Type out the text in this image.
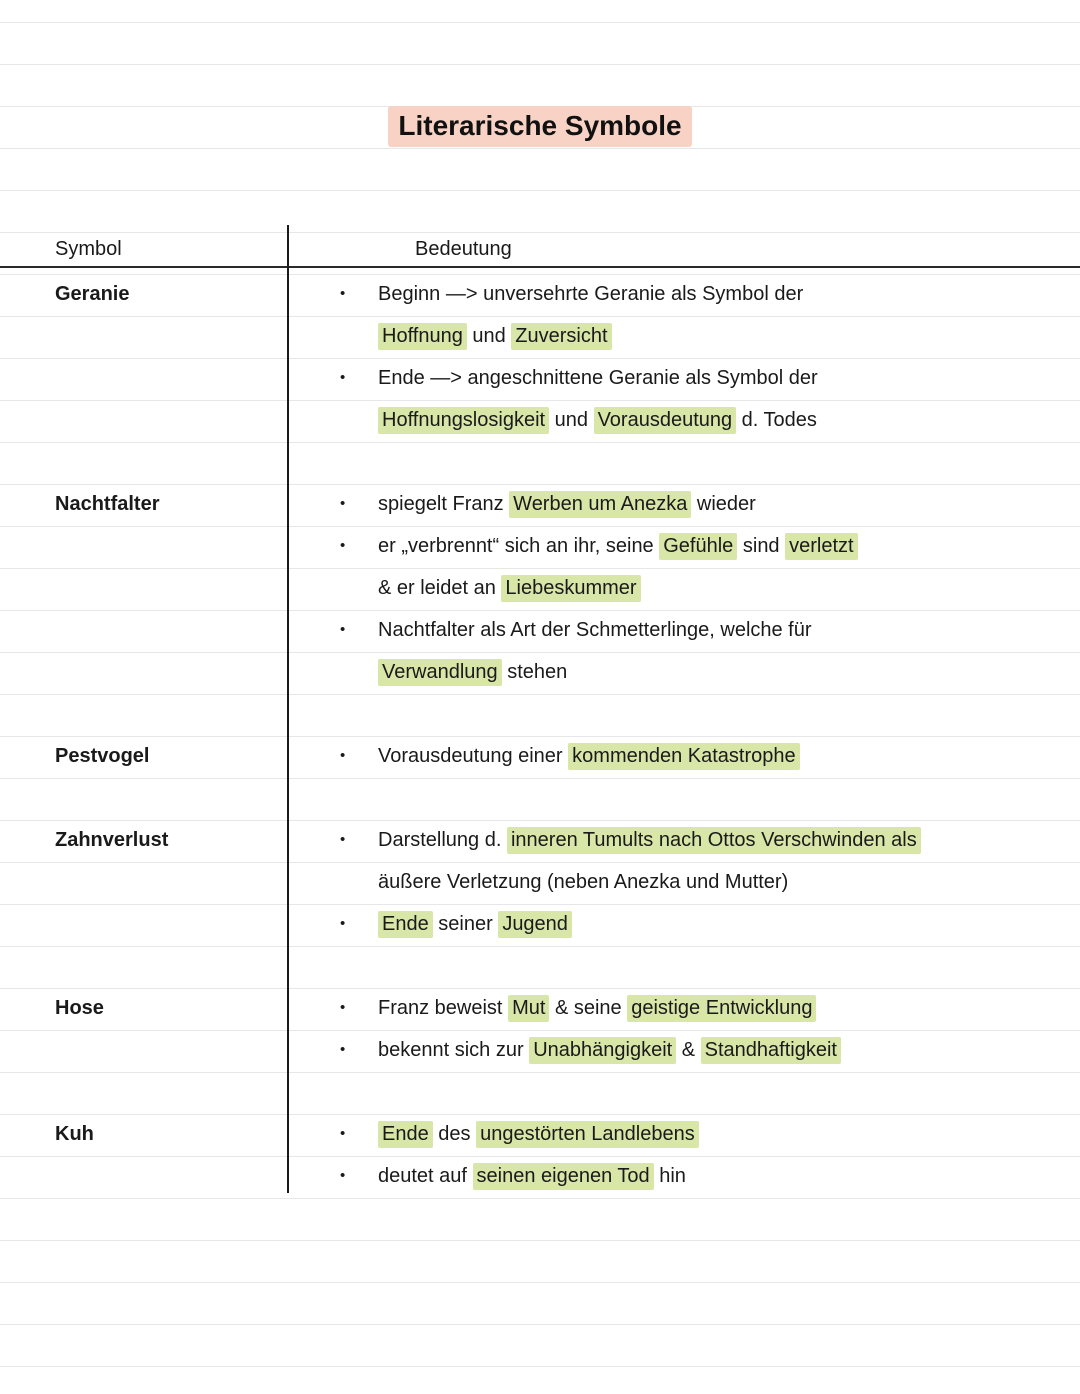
Literarische Symbole
Symbol	Bedeutung
Geranie	• Beginn —> unversehrte Geranie als Symbol der
Hoffnung und Zuversicht
• Ende —> angeschnittene Geranie als Symbol der
Hoffnungslosigkeit und Vorausdeutung d. Todes
Nachtfalter	• spiegelt Franz Werben um Anezka wieder
• er „verbrennt“ sich an ihr, seine Gefühle sind verletzt
& er leidet an Liebeskummer
• Nachtfalter als Art der Schmetterlinge, welche für
Verwandlung stehen
Pestvogel	• Vorausdeutung einer kommenden Katastrophe
Zahnverlust	• Darstellung d. inneren Tumults nach Ottos Verschwinden als
äußere Verletzung (neben Anezka und Mutter)
• Ende seiner Jugend
Hose	• Franz beweist Mut & seine geistige Entwicklung
• bekennt sich zur Unabhängigkeit & Standhaftigkeit
Kuh	• Ende des ungestörten Landlebens
• deutet auf seinen eigenen Tod hin
